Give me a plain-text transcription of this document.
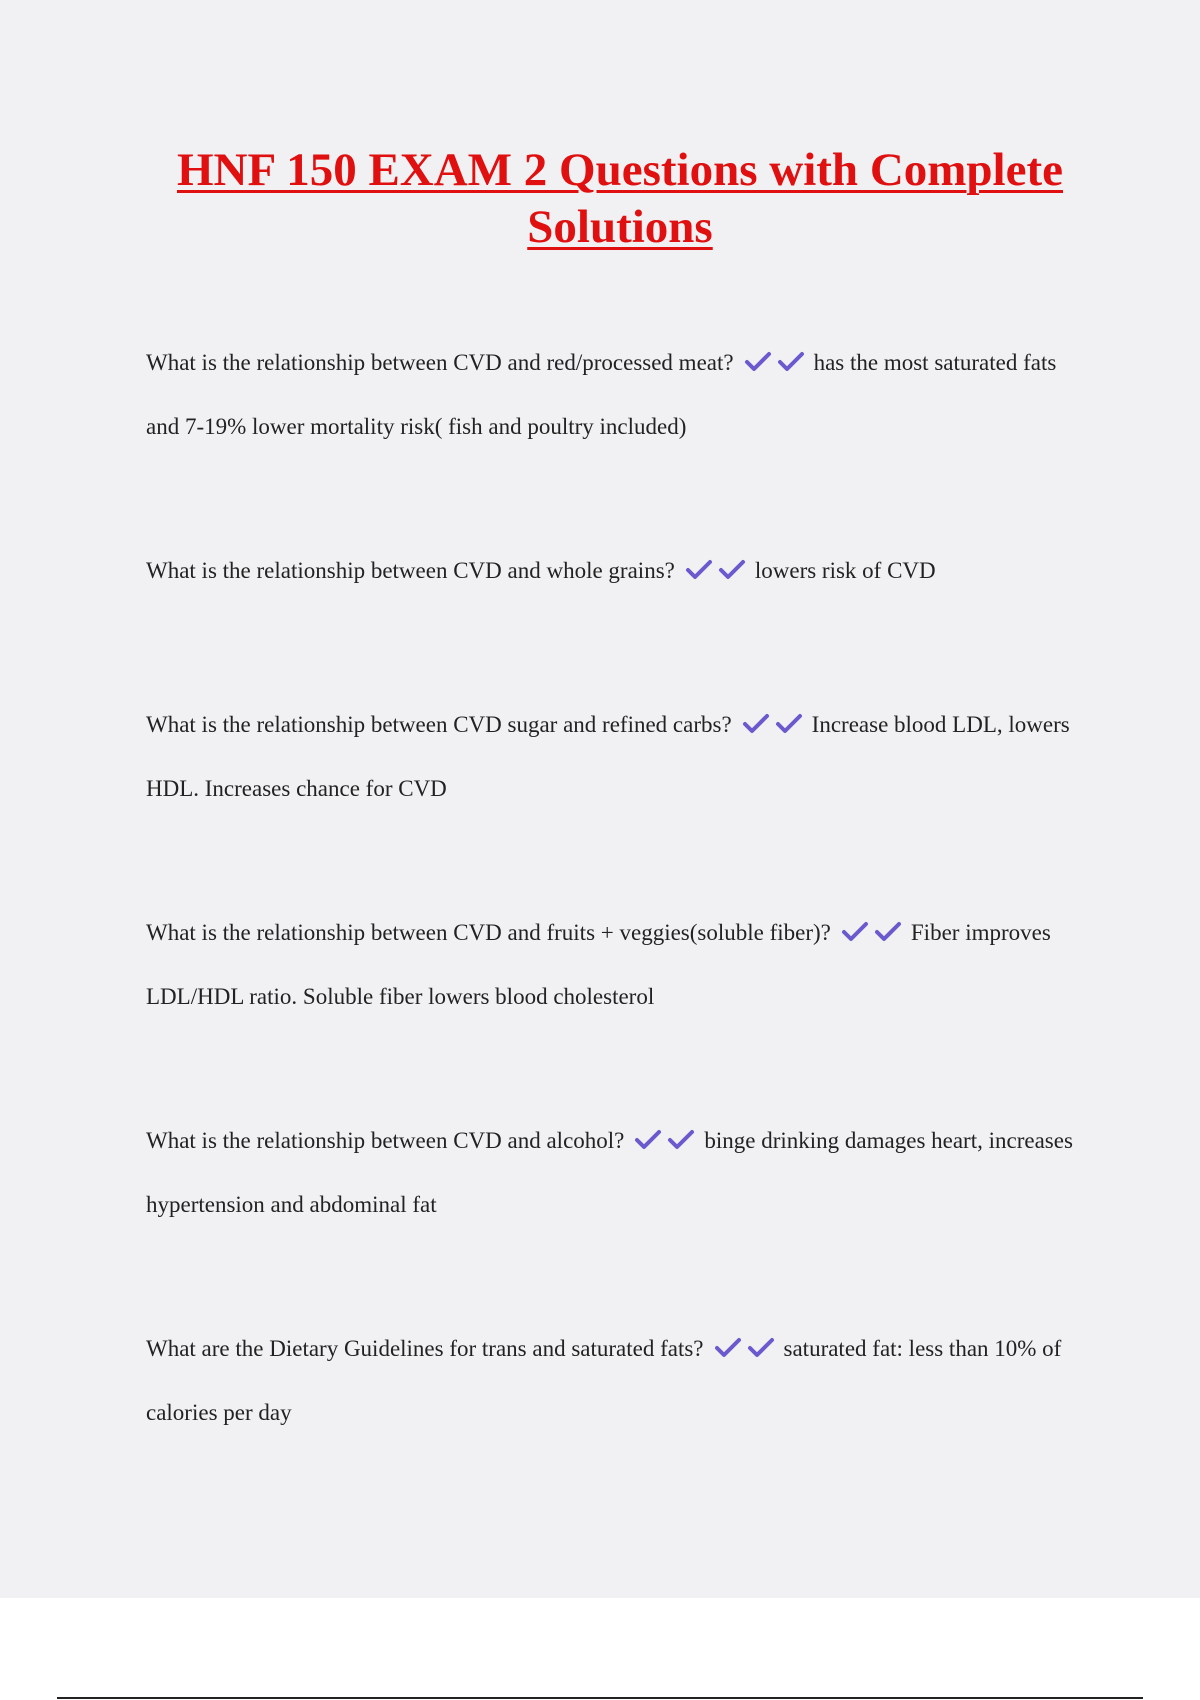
HNF 150 EXAM 2 Questions with Complete Solutions

What is the relationship between CVD and red/processed meat?	has the most saturated fats and 7-19% lower mortality risk( fish and poultry included)

What is the relationship between CVD and whole grains?	lowers risk of CVD

What is the relationship between CVD sugar and refined carbs?	Increase blood LDL, lowers HDL. Increases chance for CVD

What is the relationship between CVD and fruits + veggies(soluble fiber)?	Fiber improves LDL/HDL ratio. Soluble fiber lowers blood cholesterol

What is the relationship between CVD and alcohol?	binge drinking damages heart, increases hypertension and abdominal fat

What are the Dietary Guidelines for trans and saturated fats?	saturated fat: less than 10% of calories per day
